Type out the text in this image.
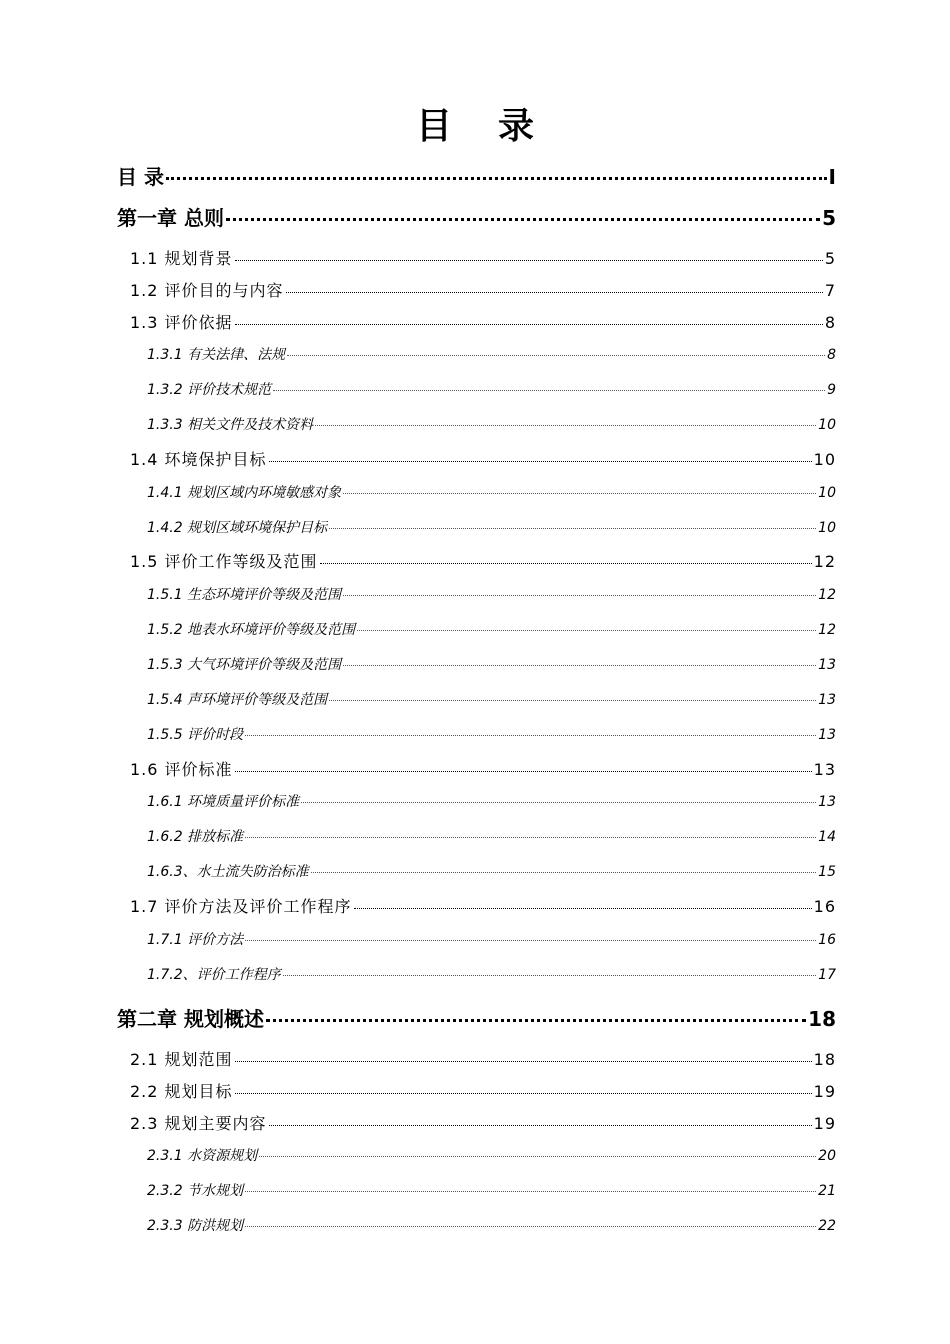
目 录
目 录	I
第一章 总则	5
1.1 规划背景	5
1.2 评价目的与内容	7
1.3 评价依据	8
1.3.1 有关法律、法规	8
1.3.2 评价技术规范	9
1.3.3 相关文件及技术资料	10
1.4 环境保护目标	10
1.4.1 规划区域内环境敏感对象	10
1.4.2 规划区域环境保护目标	10
1.5 评价工作等级及范围	12
1.5.1 生态环境评价等级及范围	12
1.5.2 地表水环境评价等级及范围	12
1.5.3 大气环境评价等级及范围	13
1.5.4 声环境评价等级及范围	13
1.5.5 评价时段	13
1.6 评价标准	13
1.6.1 环境质量评价标准	13
1.6.2 排放标准	14
1.6.3、水土流失防治标准	15
1.7 评价方法及评价工作程序	16
1.7.1 评价方法	16
1.7.2、评价工作程序	17
第二章 规划概述	18
2.1 规划范围	18
2.2 规划目标	19
2.3 规划主要内容	19
2.3.1 水资源规划	20
2.3.2 节水规划	21
2.3.3 防洪规划	22
